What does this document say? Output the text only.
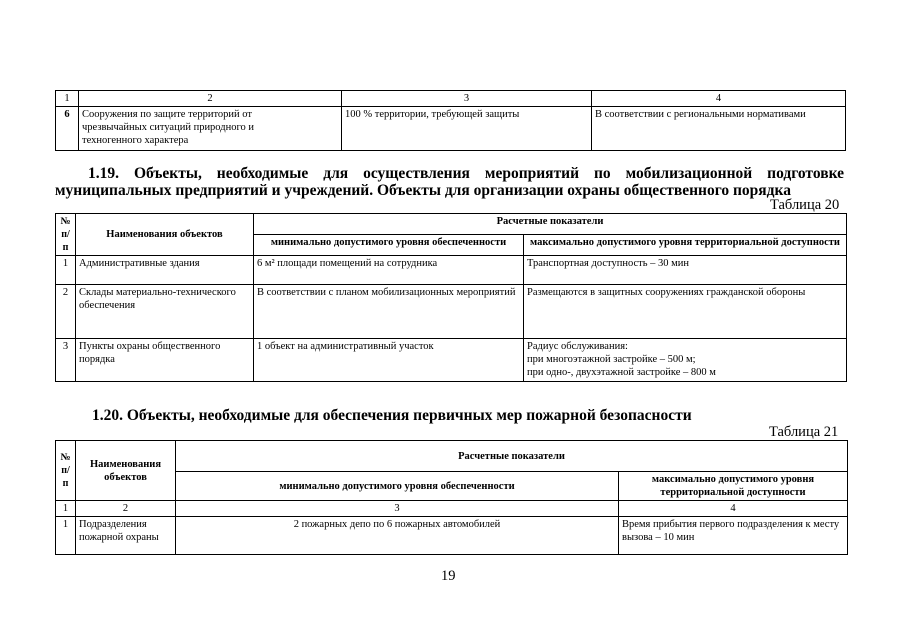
1	2	3	4
6	Сооружения по защите территорий от
чрезвычайных ситуаций природного и
техногенного характера	100 % территории, требующей защиты	В соответствии с региональными нормативами
1.19. Объекты, необходимые для осуществления мероприятий по мобилизационной подготовке
муниципальных предприятий и учреждений. Объекты для организации охраны общественного порядка
Таблица 20
№ п/п	Наименования объектов	Расчетные показатели	
		минимально допустимого уровня обеспеченности	максимально допустимого уровня территориальной доступности
1	Административные здания	6 м² площади помещений на сотрудника	Транспортная доступность – 30 мин
2	Склады материально-технического обеспечения	В соответствии с планом мобилизационных мероприятий	Размещаются в защитных сооружениях гражданской обороны
3	Пункты охраны общественного порядка	1 объект на административный участок	Радиус обслуживания:
при многоэтажной застройке – 500 м;
при одно-, двухэтажной застройке – 800 м
1.20. Объекты, необходимые для обеспечения первичных мер пожарной безопасности
Таблица 21
№ п/п	Наименования объектов	Расчетные показатели	
		минимально допустимого уровня обеспеченности	максимально допустимого уровня территориальной доступности
1	2	3	4
1	Подразделения пожарной охраны	2 пожарных депо по 6 пожарных автомобилей	Время прибытия первого подразделения к месту вызова – 10 мин
19
